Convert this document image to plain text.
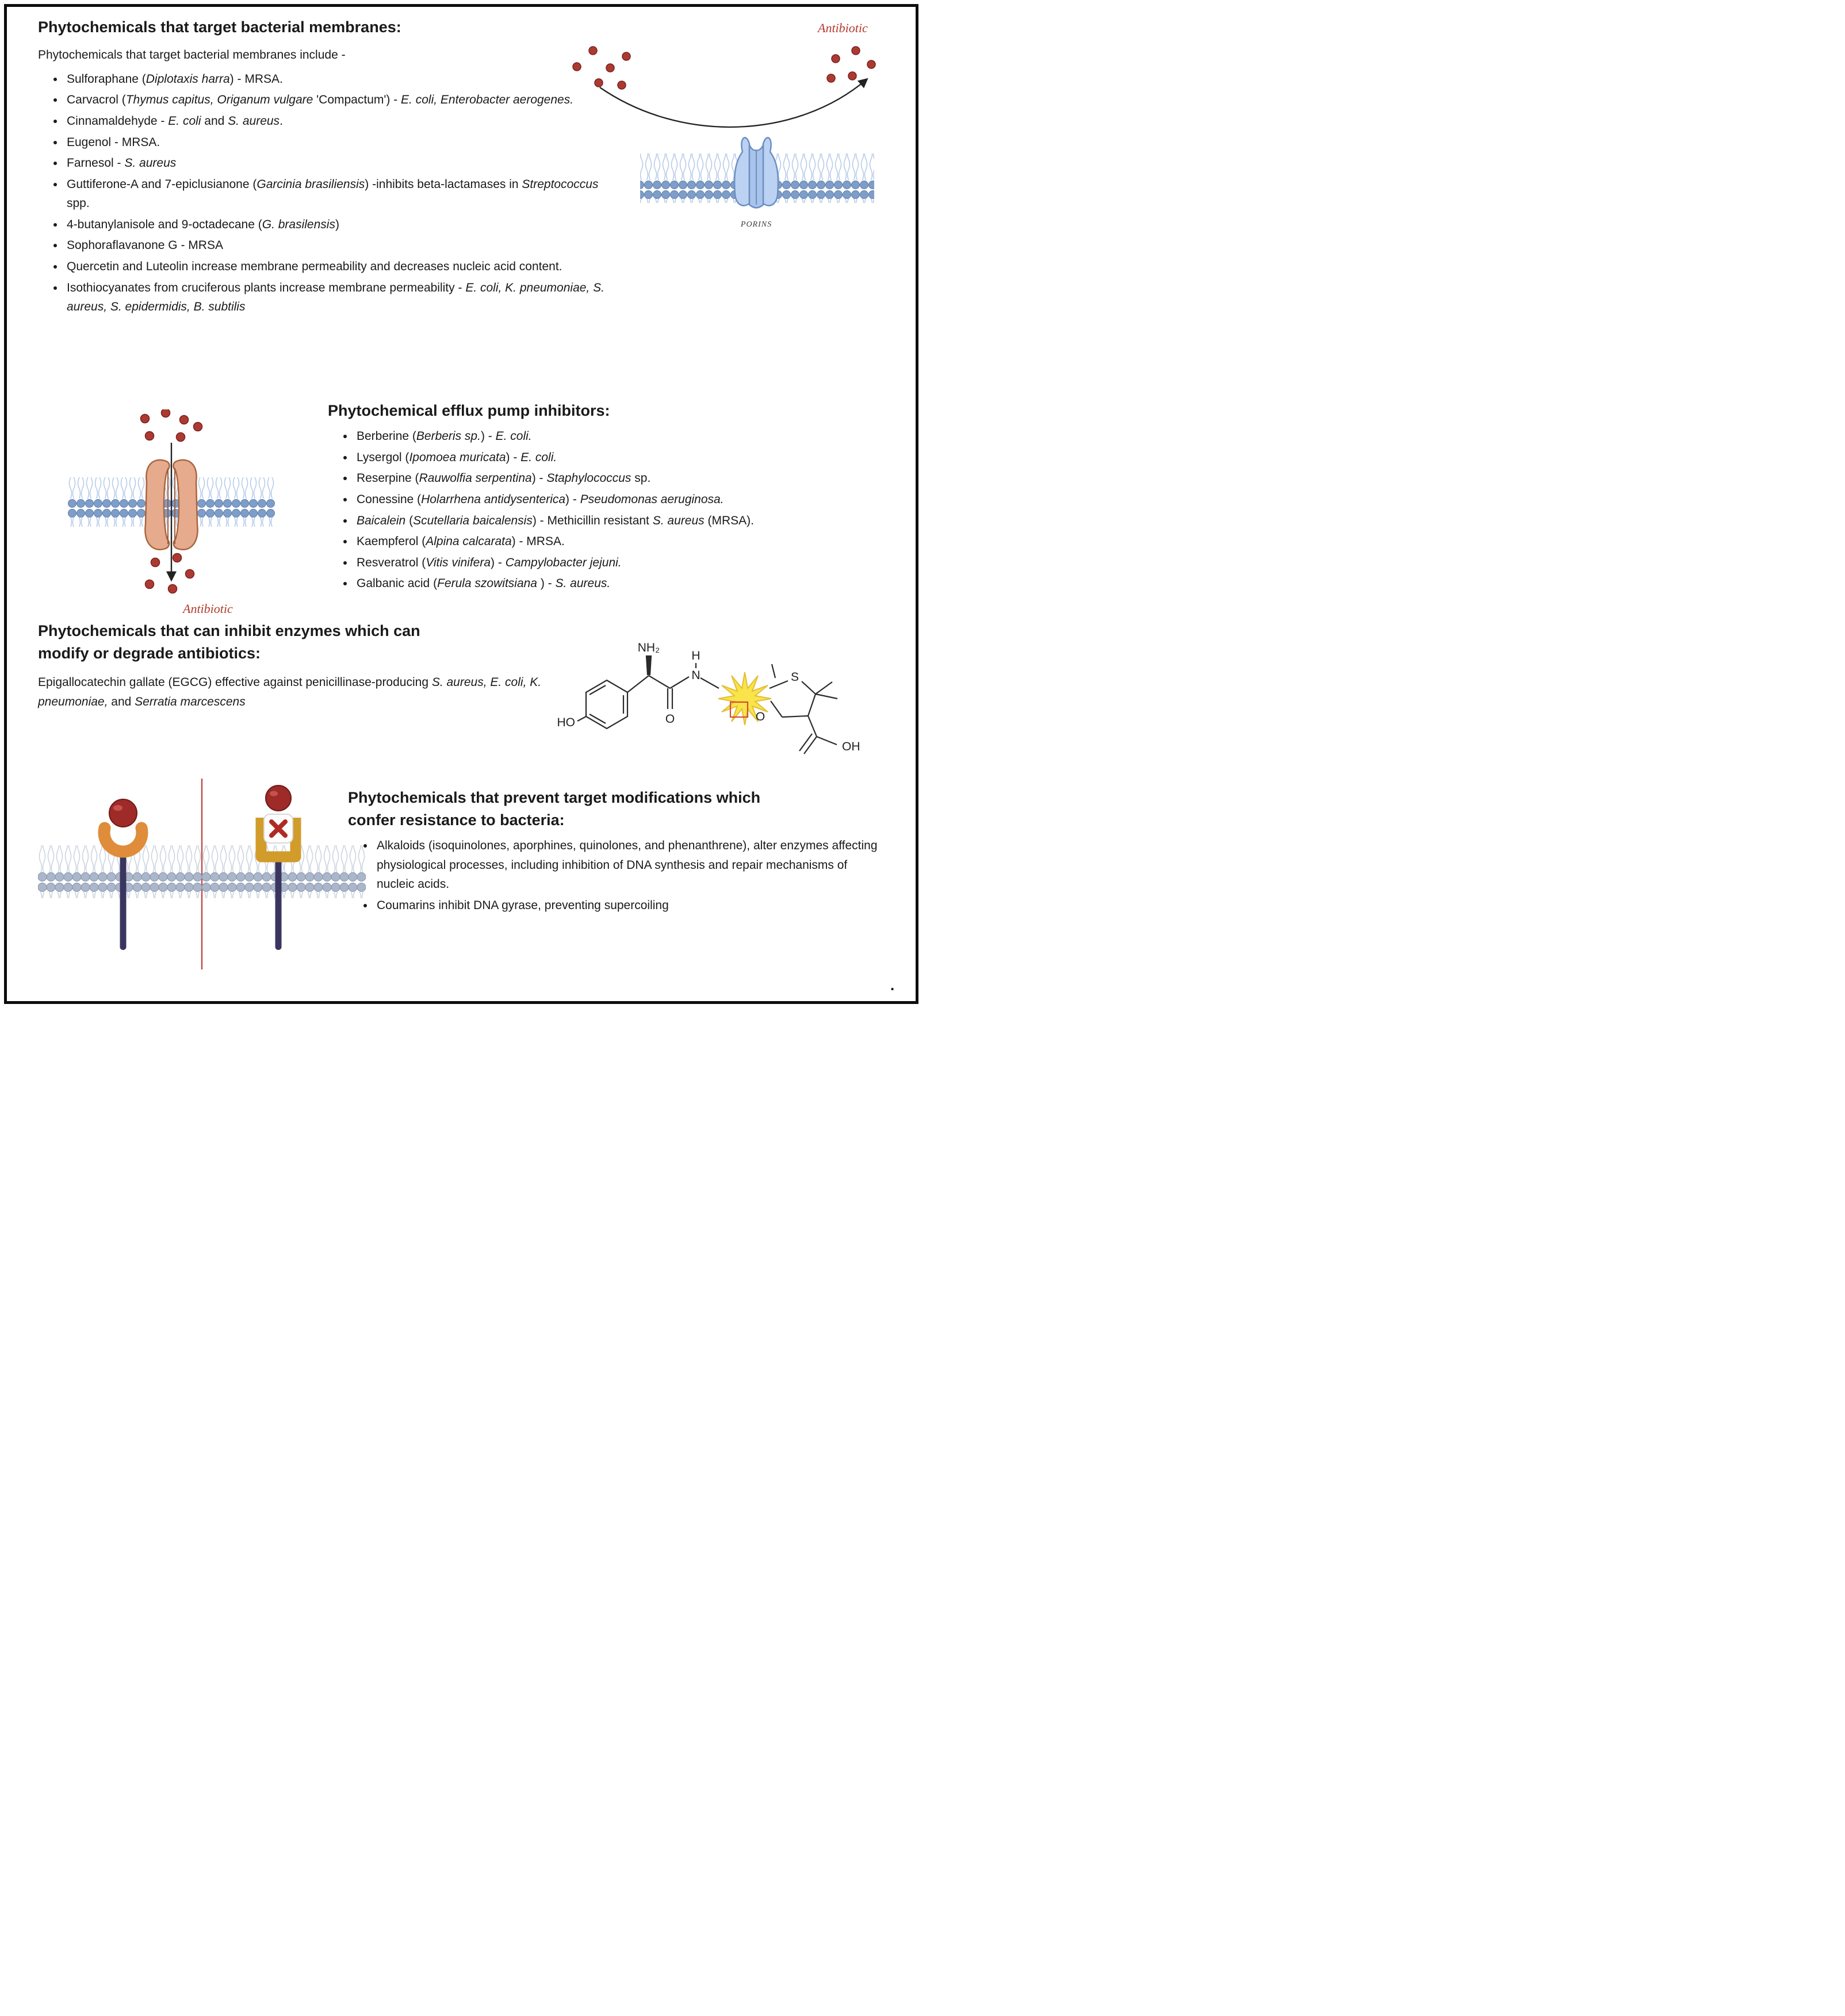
Phytochemicals that target bacterial membranes:

Phytochemicals that target bacterial membranes include -

• Sulforaphane (Diplotaxis harra) - MRSA.
• Carvacrol (Thymus capitus, Origanum vulgare 'Compactum') - E. coli, Enterobacter aerogenes.
• Cinnamaldehyde - E. coli and S. aureus.
• Eugenol - MRSA.
• Farnesol - S. aureus
• Guttiferone-A and 7-epiclusianone (Garcinia brasiliensis) -inhibits beta-lactamases in Streptococcus spp.
• 4-butanylanisole and 9-octadecane (G. brasilensis)
• Sophoraflavanone G - MRSA
• Quercetin and Luteolin increase membrane permeability and decreases nucleic acid content.
• Isothiocyanates from cruciferous plants increase membrane permeability - E. coli, K. pneumoniae, S. aureus, S. epidermidis, B. subtilis
Antibiotic
PORINS
Antibiotic
Phytochemical efflux pump inhibitors:
• Berberine (Berberis sp.) - E. coli.
• Lysergol (Ipomoea muricata) - E. coli.
• Reserpine (Rauwolfia serpentina) - Staphylococcus sp.
• Conessine (Holarrhena antidysenterica) - Pseudomonas aeruginosa.
• Baicalein (Scutellaria baicalensis) - Methicillin resistant S. aureus (MRSA).
• Kaempferol (Alpina calcarata) - MRSA.
• Resveratrol (Vitis vinifera) - Campylobacter jejuni.
• Galbanic acid (Ferula szowitsiana ) - S. aureus.
Phytochemicals that can inhibit enzymes which can
modify or degrade antibiotics:

Epigallocatechin gallate (EGCG) effective against penicillinase-producing S. aureus, E. coli, K. pneumoniae, and Serratia marcescens

NH₂
H
N
O
HO
S
O
OH
Phytochemicals that prevent target modifications which
confer resistance to bacteria:
• Alkaloids (isoquinolones, aporphines, quinolones, and phenanthrene), alter enzymes affecting physiological processes, including inhibition of DNA synthesis and repair mechanisms of nucleic acids.
• Coumarins inhibit DNA gyrase, preventing supercoiling
.
